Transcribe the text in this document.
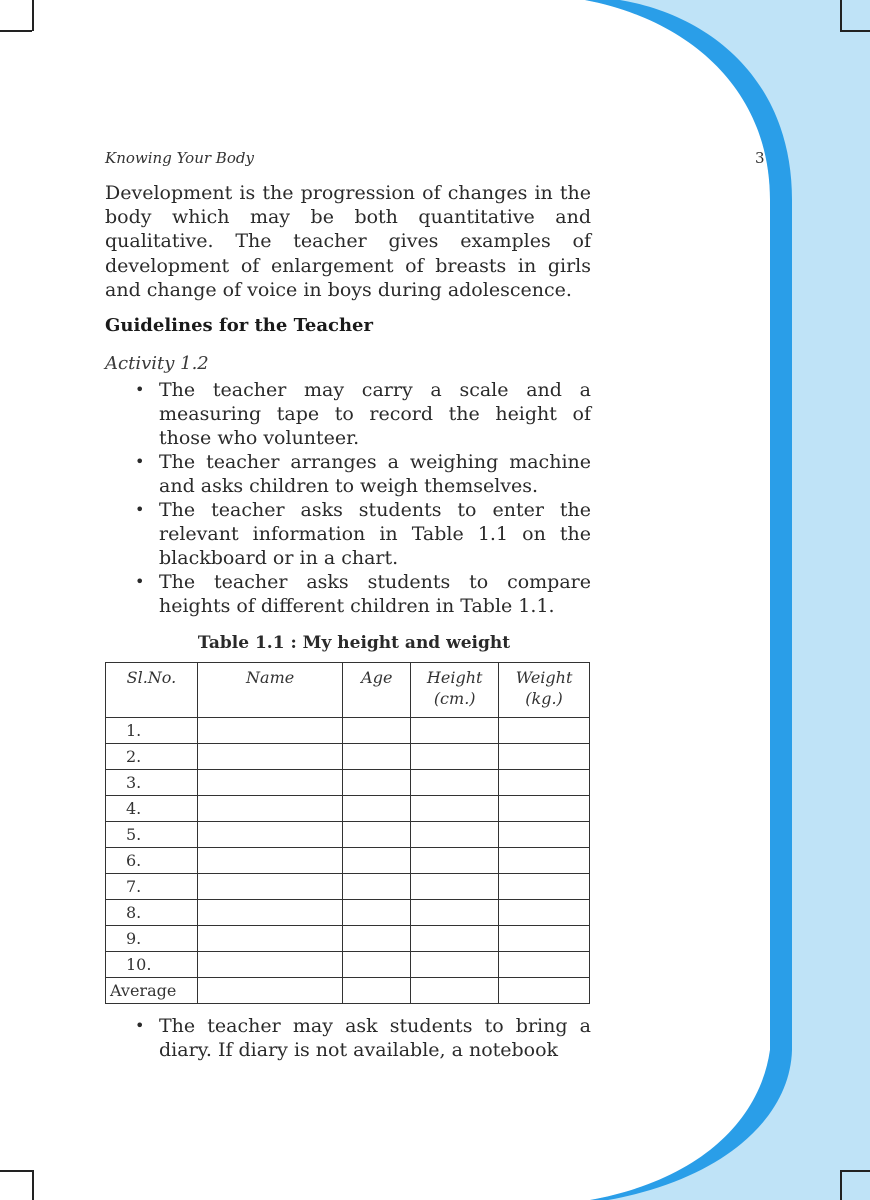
Knowing Your Body	3

Development is the progression of changes in the body which may be both quantitative and qualitative. The teacher gives examples of development of enlargement of breasts in girls and change of voice in boys during adolescence.

Guidelines for the Teacher
Activity 1.2
• The teacher may carry a scale and a measuring tape to record the height of those who volunteer.
• The teacher arranges a weighing machine and asks children to weigh themselves.
• The teacher asks students to enter the relevant information in Table 1.1 on the blackboard or in a chart.
• The teacher asks students to compare heights of different children in Table 1.1.
Table 1.1 : My height and weight
Sl.No.	Name	Age	Height (cm.)	Weight (kg.)
1.				
2.				
3.				
4.				
5.				
6.				
7.				
8.				
9.				
10.				
Average				
• The teacher may ask students to bring a diary. If diary is not available, a notebook
